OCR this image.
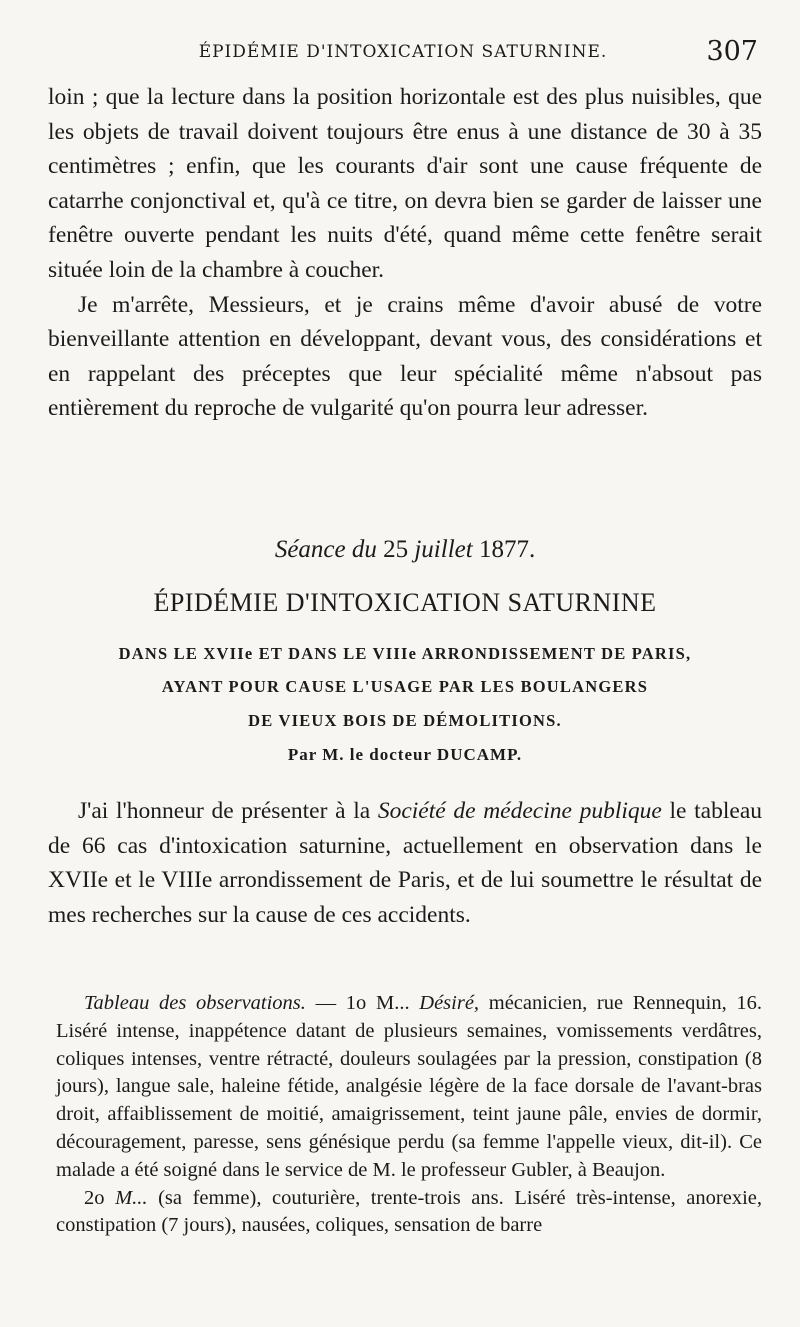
ÉPIDÉMIE D'INTOXICATION SATURNINE.	307

loin ; que la lecture dans la position horizontale est des plus nuisibles, que les objets de travail doivent toujours être enus à une distance de 30 à 35 centimètres ; enfin, que les courants d'air sont une cause fréquente de catarrhe conjonctival et, qu'à ce titre, on devra bien se garder de laisser une fenêtre ouverte pendant les nuits d'été, quand même cette fenêtre serait située loin de la chambre à coucher.

Je m'arrête, Messieurs, et je crains même d'avoir abusé de votre bienveillante attention en développant, devant vous, des considérations et en rappelant des préceptes que leur spécialité même n'absout pas entièrement du reproche de vulgarité qu'on pourra leur adresser.

Séance du 25 juillet 1877.
ÉPIDÉMIE D'INTOXICATION SATURNINE
DANS LE XVIIe ET DANS LE VIIIe ARRONDISSEMENT DE PARIS,
AYANT POUR CAUSE L'USAGE PAR LES BOULANGERS
DE VIEUX BOIS DE DÉMOLITIONS.
Par M. le docteur DUCAMP.

J'ai l'honneur de présenter à la Société de médecine publique le tableau de 66 cas d'intoxication saturnine, actuellement en observation dans le XVIIe et le VIIIe arrondissement de Paris, et de lui soumettre le résultat de mes recherches sur la cause de ces accidents.

Tableau des observations. — 1o M... Désiré, mécanicien, rue Rennequin, 16. Liséré intense, inappétence datant de plusieurs semaines, vomissements verdâtres, coliques intenses, ventre rétracté, douleurs soulagées par la pression, constipation (8 jours), langue sale, haleine fétide, analgésie légère de la face dorsale de l'avant-bras droit, affaiblissement de moitié, amaigrissement, teint jaune pâle, envies de dormir, découragement, paresse, sens génésique perdu (sa femme l'appelle vieux, dit-il). Ce malade a été soigné dans le service de M. le professeur Gubler, à Beaujon.

2o M... (sa femme), couturière, trente-trois ans. Liséré très-intense, anorexie, constipation (7 jours), nausées, coliques, sensation de barre
